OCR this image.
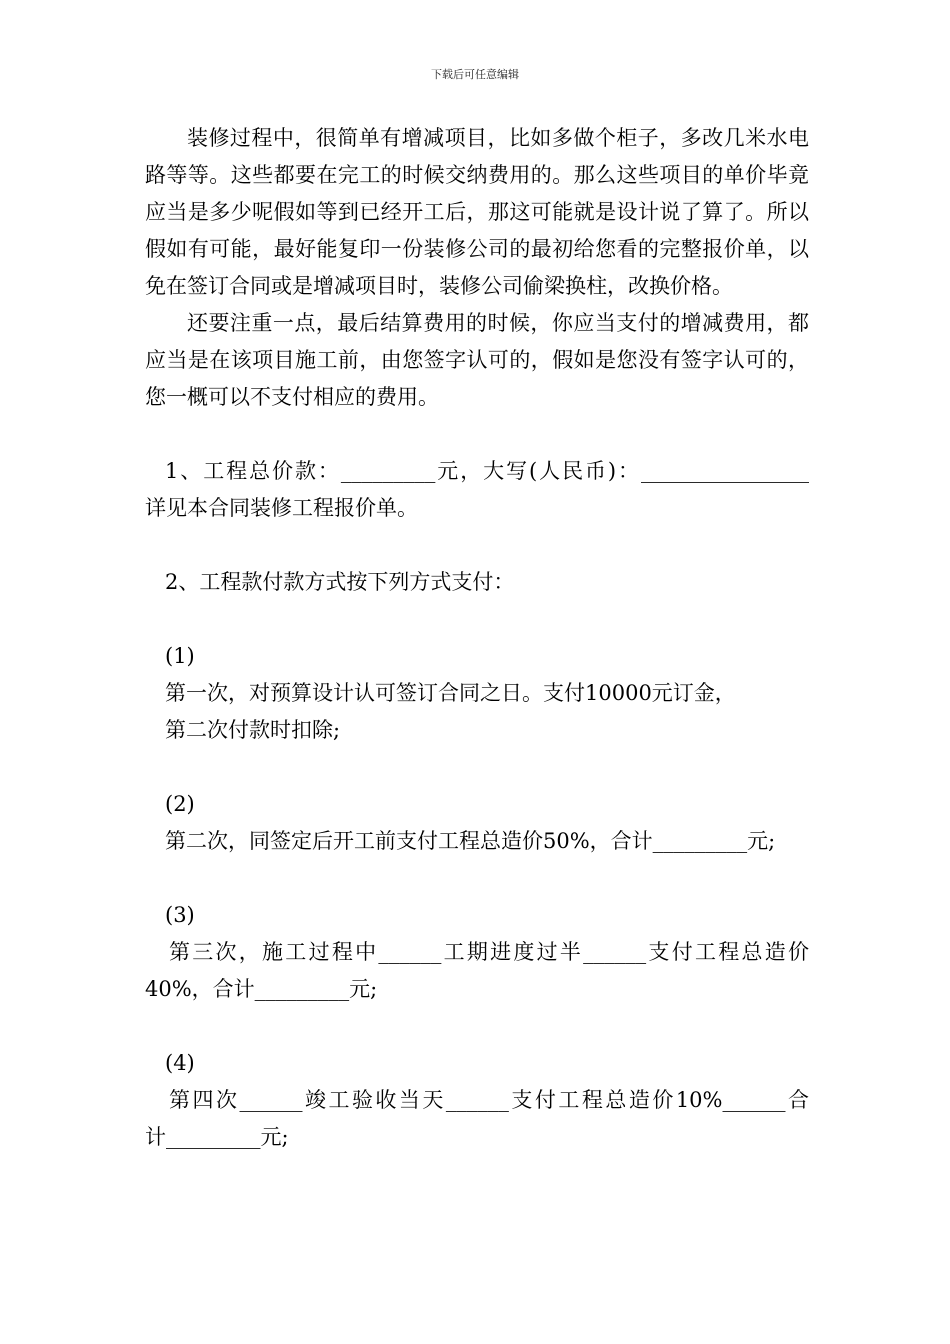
下载后可任意编辑

装修过程中，很简单有增减项目，比如多做个柜子，多改几米水电路等等。这些都要在完工的时候交纳费用的。那么这些项目的单价毕竟应当是多少呢假如等到已经开工后，那这可能就是设计说了算了。所以假如有可能，最好能复印一份装修公司的最初给您看的完整报价单，以免在签订合同或是增减项目时，装修公司偷梁换柱，改换价格。

还要注重一点，最后结算费用的时候，你应当支付的增减费用，都应当是在该项目施工前，由您签字认可的，假如是您没有签字认可的，您一概可以不支付相应的费用。

1、工程总价款：_________元，大写(人民币)：________________

详见本合同装修工程报价单。

2、工程款付款方式按下列方式支付：

(1)

第一次，对预算设计认可签订合同之日。支付10000元订金，

第二次付款时扣除;

(2)

第二次，同签定后开工前支付工程总造价50%，合计_________元;

(3)

第三次，施工过程中______工期进度过半______支付工程总造价

40%，合计_________元;

(4)

第四次______竣工验收当天______支付工程总造价10%______合

计_________元;
